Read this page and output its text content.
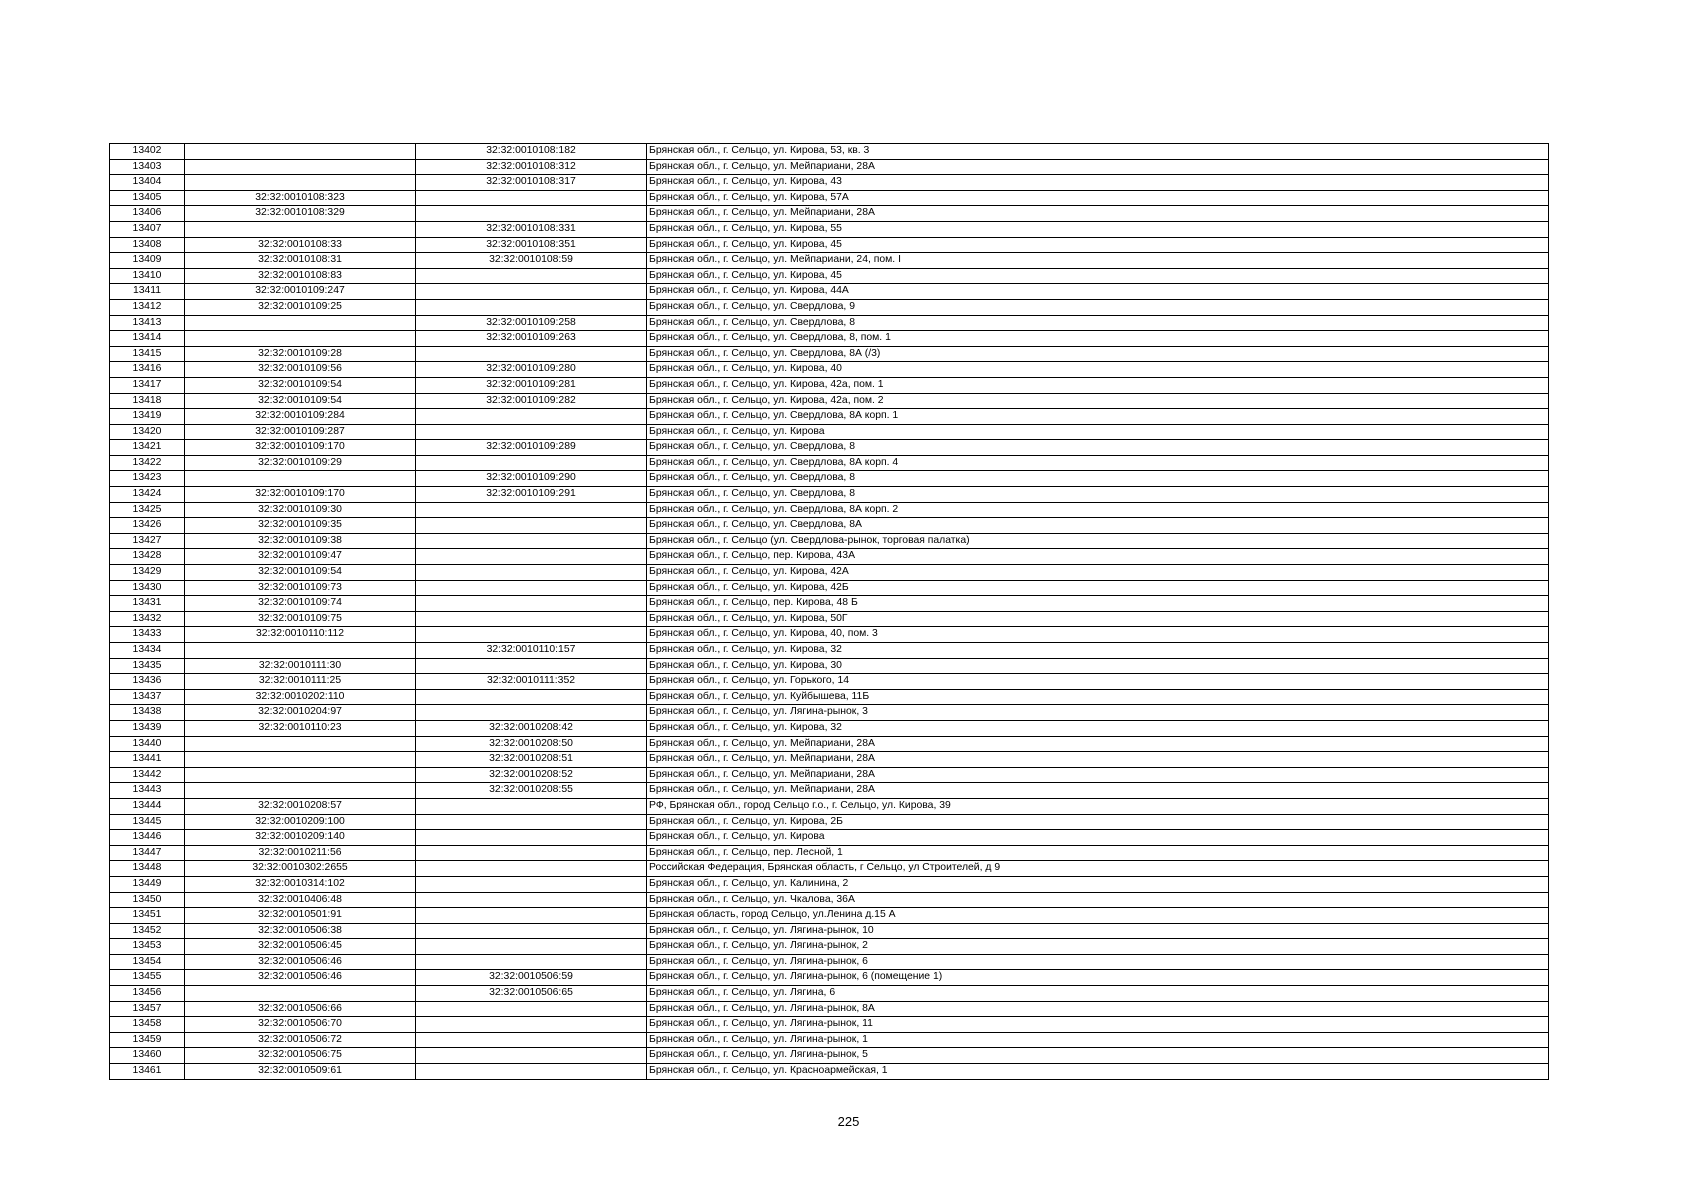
13402		32:32:0010108:182	Брянская обл., г. Сельцо, ул. Кирова, 53, кв. 3
13403		32:32:0010108:312	Брянская обл., г. Сельцо, ул. Мейпариани, 28А
13404		32:32:0010108:317	Брянская обл., г. Сельцо, ул. Кирова, 43
13405	32:32:0010108:323		Брянская обл., г. Сельцо, ул. Кирова, 57А
13406	32:32:0010108:329		Брянская обл., г. Сельцо, ул. Мейпариани, 28А
13407		32:32:0010108:331	Брянская обл., г. Сельцо, ул. Кирова, 55
13408	32:32:0010108:33	32:32:0010108:351	Брянская обл., г. Сельцо, ул. Кирова, 45
13409	32:32:0010108:31	32:32:0010108:59	Брянская обл., г. Сельцо, ул. Мейпариани, 24, пом. I
13410	32:32:0010108:83		Брянская обл., г. Сельцо, ул. Кирова, 45
13411	32:32:0010109:247		Брянская обл., г. Сельцо, ул. Кирова, 44А
13412	32:32:0010109:25		Брянская обл., г. Сельцо, ул. Свердлова, 9
13413		32:32:0010109:258	Брянская обл., г. Сельцо, ул. Свердлова, 8
13414		32:32:0010109:263	Брянская обл., г. Сельцо, ул. Свердлова, 8, пом. 1
13415	32:32:0010109:28		Брянская обл., г. Сельцо, ул. Свердлова, 8А (/3)
13416	32:32:0010109:56	32:32:0010109:280	Брянская обл., г. Сельцо, ул. Кирова, 40
13417	32:32:0010109:54	32:32:0010109:281	Брянская обл., г. Сельцо, ул. Кирова, 42а, пом. 1
13418	32:32:0010109:54	32:32:0010109:282	Брянская обл., г. Сельцо, ул. Кирова, 42а, пом. 2
13419	32:32:0010109:284		Брянская обл., г. Сельцо, ул. Свердлова, 8А корп. 1
13420	32:32:0010109:287		Брянская обл., г. Сельцо, ул. Кирова
13421	32:32:0010109:170	32:32:0010109:289	Брянская обл., г. Сельцо, ул. Свердлова, 8
13422	32:32:0010109:29		Брянская обл., г. Сельцо, ул. Свердлова, 8А корп. 4
13423		32:32:0010109:290	Брянская обл., г. Сельцо, ул. Свердлова, 8
13424	32:32:0010109:170	32:32:0010109:291	Брянская обл., г. Сельцо, ул. Свердлова, 8
13425	32:32:0010109:30		Брянская обл., г. Сельцо, ул. Свердлова, 8А корп. 2
13426	32:32:0010109:35		Брянская обл., г. Сельцо, ул. Свердлова, 8А
13427	32:32:0010109:38		Брянская обл., г. Сельцо (ул. Свердлова-рынок, торговая палатка)
13428	32:32:0010109:47		Брянская обл., г. Сельцо, пер. Кирова, 43А
13429	32:32:0010109:54		Брянская обл., г. Сельцо, ул. Кирова, 42А
13430	32:32:0010109:73		Брянская обл., г. Сельцо, ул. Кирова, 42Б
13431	32:32:0010109:74		Брянская обл., г. Сельцо, пер. Кирова, 48 Б
13432	32:32:0010109:75		Брянская обл., г. Сельцо, ул. Кирова, 50Г
13433	32:32:0010110:112		Брянская обл., г. Сельцо, ул. Кирова, 40, пом. 3
13434		32:32:0010110:157	Брянская обл., г. Сельцо, ул. Кирова, 32
13435	32:32:0010111:30		Брянская обл., г. Сельцо, ул. Кирова, 30
13436	32:32:0010111:25	32:32:0010111:352	Брянская обл., г. Сельцо, ул. Горького, 14
13437	32:32:0010202:110		Брянская обл., г. Сельцо, ул. Куйбышева, 11Б
13438	32:32:0010204:97		Брянская обл., г. Сельцо, ул. Лягина-рынок, 3
13439	32:32:0010110:23	32:32:0010208:42	Брянская обл., г. Сельцо, ул. Кирова, 32
13440		32:32:0010208:50	Брянская обл., г. Сельцо, ул. Мейпариани, 28А
13441		32:32:0010208:51	Брянская обл., г. Сельцо, ул. Мейпариани, 28А
13442		32:32:0010208:52	Брянская обл., г. Сельцо, ул. Мейпариани, 28А
13443		32:32:0010208:55	Брянская обл., г. Сельцо, ул. Мейпариани, 28А
13444	32:32:0010208:57		РФ, Брянская обл., город Сельцо г.о., г. Сельцо, ул. Кирова, 39
13445	32:32:0010209:100		Брянская обл., г. Сельцо, ул. Кирова, 2Б
13446	32:32:0010209:140		Брянская обл., г. Сельцо, ул. Кирова
13447	32:32:0010211:56		Брянская обл., г. Сельцо, пер. Лесной, 1
13448	32:32:0010302:2655		Российская Федерация, Брянская область, г Сельцо, ул Строителей, д 9
13449	32:32:0010314:102		Брянская обл., г. Сельцо, ул. Калинина, 2
13450	32:32:0010406:48		Брянская обл., г. Сельцо, ул. Чкалова, 36А
13451	32:32:0010501:91		Брянская область, город Сельцо, ул.Ленина д.15 А
13452	32:32:0010506:38		Брянская обл., г. Сельцо, ул. Лягина-рынок, 10
13453	32:32:0010506:45		Брянская обл., г. Сельцо, ул. Лягина-рынок, 2
13454	32:32:0010506:46		Брянская обл., г. Сельцо, ул. Лягина-рынок, 6
13455	32:32:0010506:46	32:32:0010506:59	Брянская обл., г. Сельцо, ул. Лягина-рынок, 6 (помещение 1)
13456		32:32:0010506:65	Брянская обл., г. Сельцо, ул. Лягина, 6
13457	32:32:0010506:66		Брянская обл., г. Сельцо, ул. Лягина-рынок, 8А
13458	32:32:0010506:70		Брянская обл., г. Сельцо, ул. Лягина-рынок, 11
13459	32:32:0010506:72		Брянская обл., г. Сельцо, ул. Лягина-рынок, 1
13460	32:32:0010506:75		Брянская обл., г. Сельцо, ул. Лягина-рынок, 5
13461	32:32:0010509:61		Брянская обл., г. Сельцо, ул. Красноармейская, 1
225
